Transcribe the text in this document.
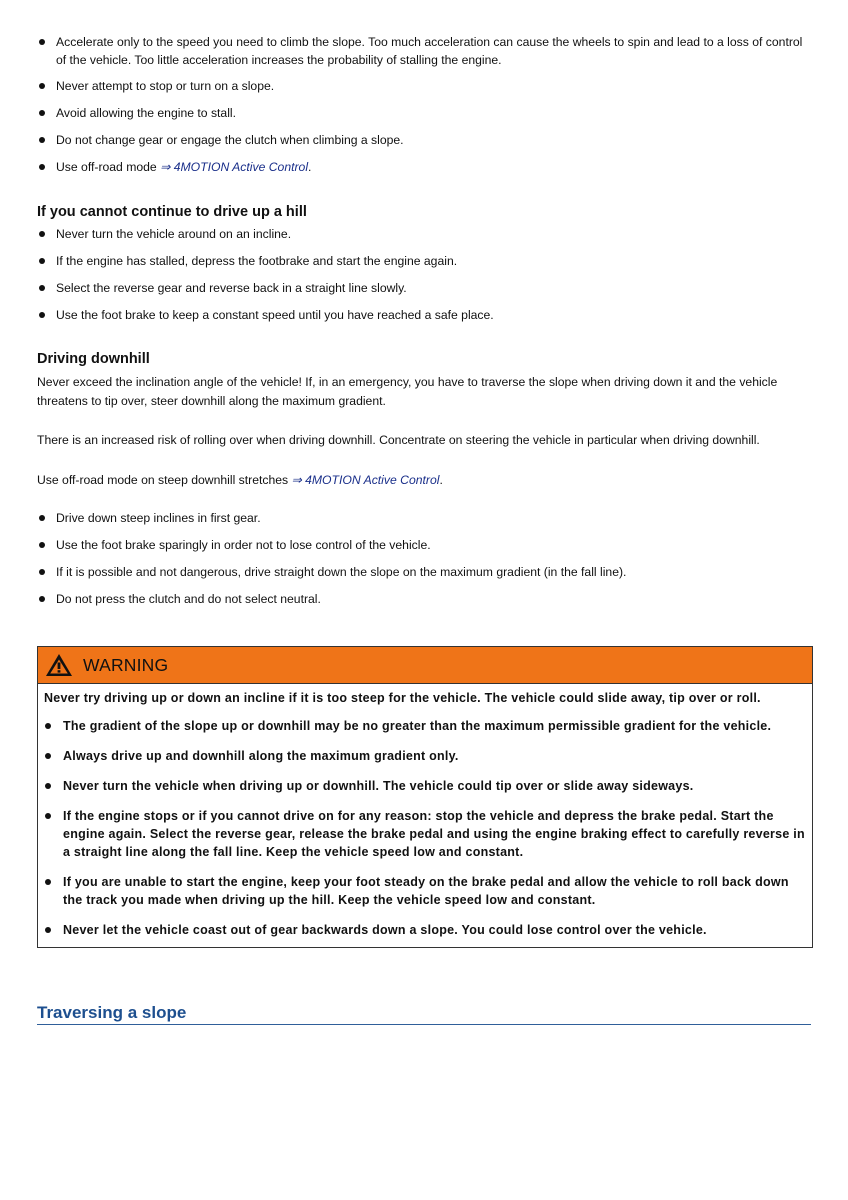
Accelerate only to the speed you need to climb the slope. Too much acceleration can cause the wheels to spin and lead to a loss of control of the vehicle. Too little acceleration increases the probability of stalling the engine.
Never attempt to stop or turn on a slope.
Avoid allowing the engine to stall.
Do not change gear or engage the clutch when climbing a slope.
Use off-road mode ⇒ 4MOTION Active Control.
If you cannot continue to drive up a hill
Never turn the vehicle around on an incline.
If the engine has stalled, depress the footbrake and start the engine again.
Select the reverse gear and reverse back in a straight line slowly.
Use the foot brake to keep a constant speed until you have reached a safe place.
Driving downhill

Never exceed the inclination angle of the vehicle! If, in an emergency, you have to traverse the slope when driving down it and the vehicle threatens to tip over, steer downhill along the maximum gradient.

There is an increased risk of rolling over when driving downhill. Concentrate on steering the vehicle in particular when driving downhill.

Use off-road mode on steep downhill stretches ⇒ 4MOTION Active Control.

Drive down steep inclines in first gear.
Use the foot brake sparingly in order not to lose control of the vehicle.
If it is possible and not dangerous, drive straight down the slope on the maximum gradient (in the fall line).
Do not press the clutch and do not select neutral.
WARNING
Never try driving up or down an incline if it is too steep for the vehicle. The vehicle could slide away, tip over or roll.
The gradient of the slope up or downhill may be no greater than the maximum permissible gradient for the vehicle.
Always drive up and downhill along the maximum gradient only.
Never turn the vehicle when driving up or downhill. The vehicle could tip over or slide away sideways.
If the engine stops or if you cannot drive on for any reason: stop the vehicle and depress the brake pedal. Start the engine again. Select the reverse gear, release the brake pedal and using the engine braking effect to carefully reverse in a straight line along the fall line. Keep the vehicle speed low and constant.
If you are unable to start the engine, keep your foot steady on the brake pedal and allow the vehicle to roll back down the track you made when driving up the hill. Keep the vehicle speed low and constant.
Never let the vehicle coast out of gear backwards down a slope. You could lose control over the vehicle.
Traversing a slope
